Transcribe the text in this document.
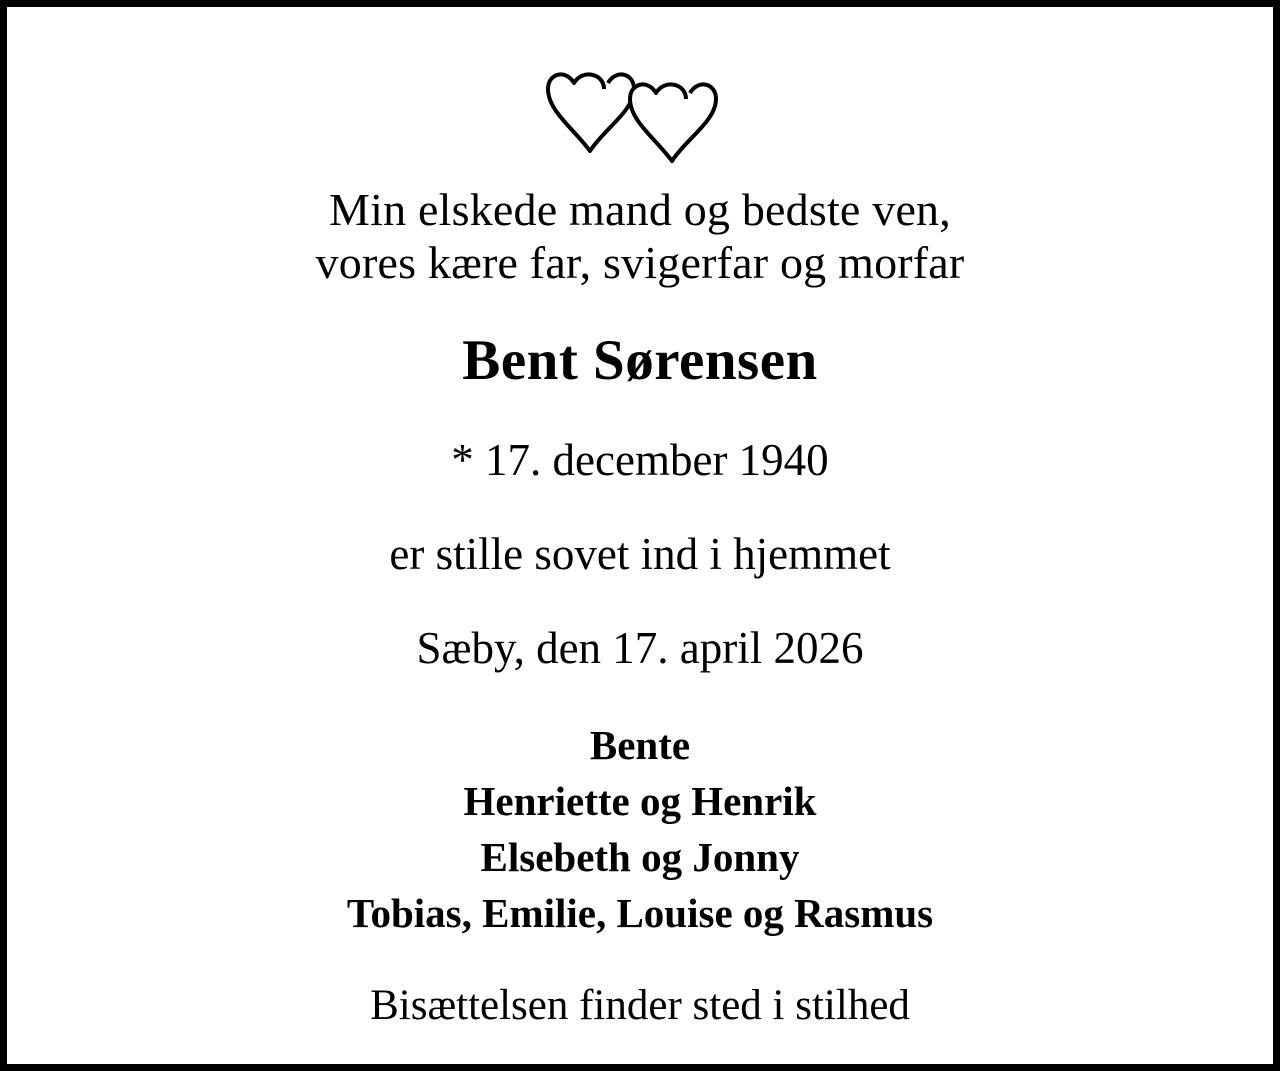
Min elskede mand og bedste ven,
vores kære far, svigerfar og morfar
Bent Sørensen
* 17. december 1940
er stille sovet ind i hjemmet
Sæby, den 17. april 2026
Bente
Henriette og Henrik
Elsebeth og Jonny
Tobias, Emilie, Louise og Rasmus
Bisættelsen finder sted i stilhed
